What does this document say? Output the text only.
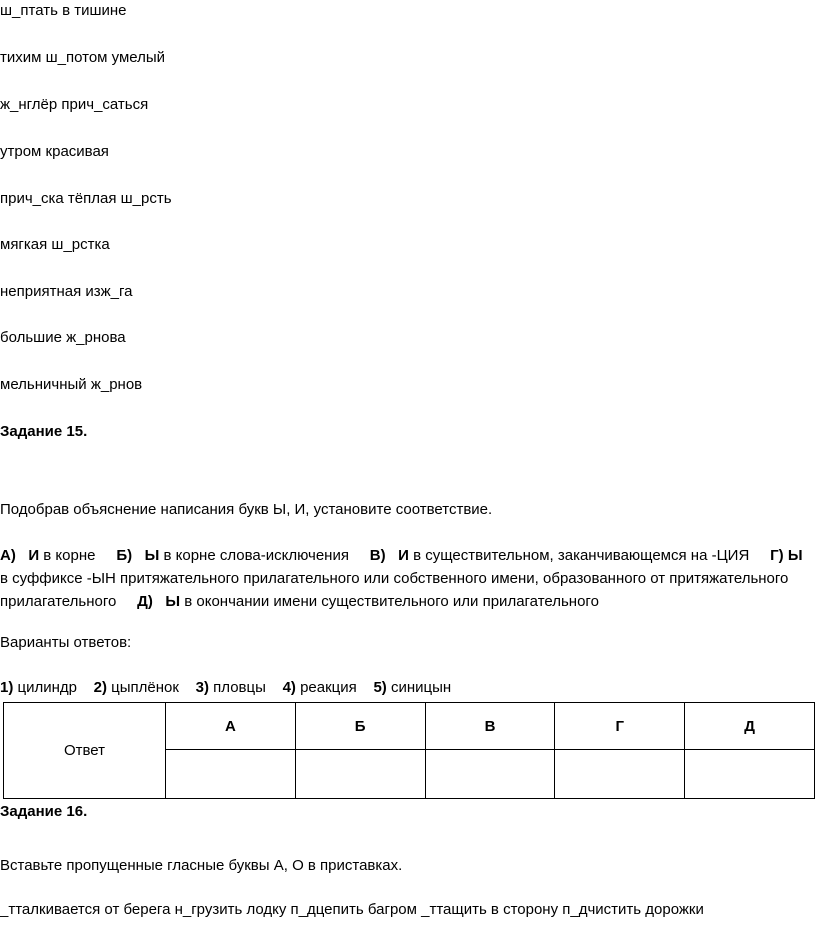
ш_птать в тишине
тихим ш_потом умелый
ж_нглёр прич_саться
утром красивая
прич_ска тёплая ш_рсть
мягкая ш_рстка
неприятная изж_га
большие ж_рнова
мельничный ж_рнов
Задание 15.
Подобрав объяснение написания букв Ы, И, установите соответствие.
А) И в корне Б) Ы в корне слова-исключения В) И в существительном, заканчивающемся на -ЦИЯ Г) Ы в суффиксе -ЫН притяжательного прилагательного или собственного имени, образованного от притяжательного прилагательного Д) Ы в окончании имени существительного или прилагательного
Варианты ответов:
1) цилиндр 2) цыплёнок 3) пловцы 4) реакция 5) синицын
Ответ	А	Б	В	Г	Д

Задание 16.
Вставьте пропущенные гласные буквы А, О в приставках.
_тталкивается от берега н_грузить лодку п_дцепить багром _ттащить в сторону п_дчистить дорожки
